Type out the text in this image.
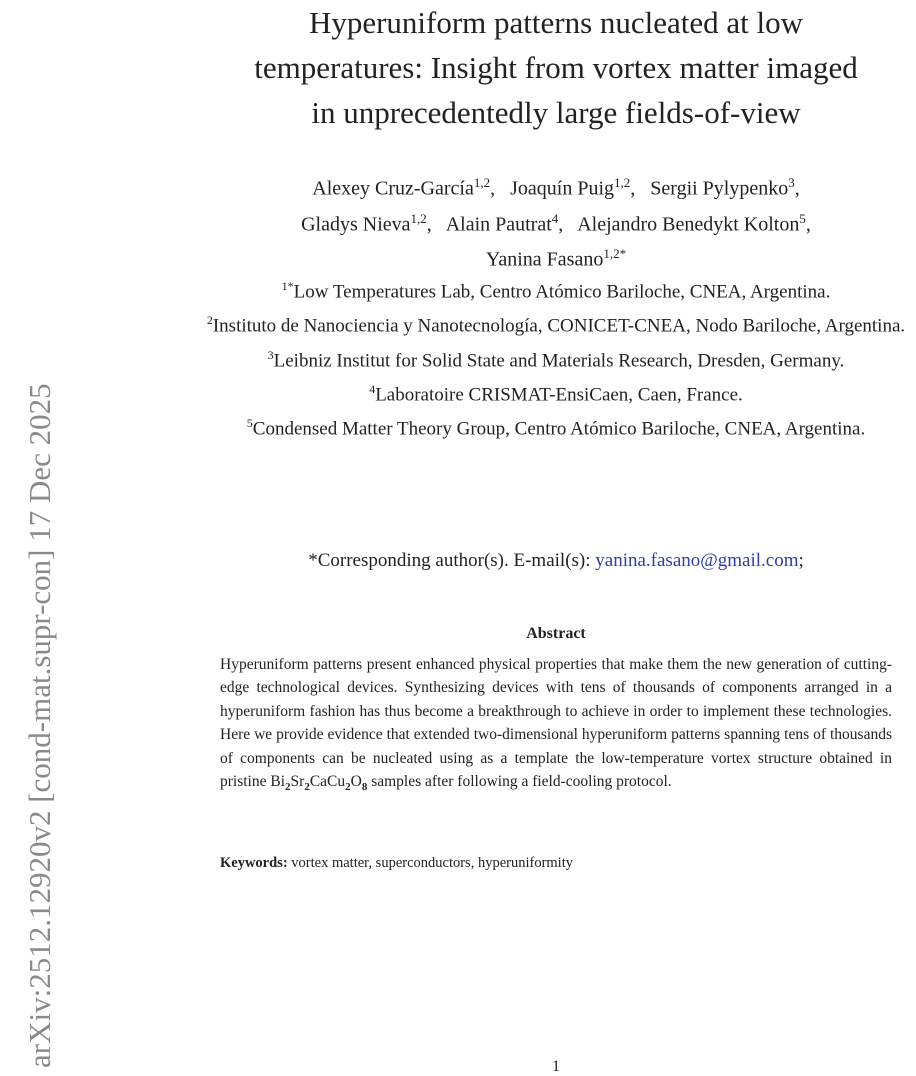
arXiv:2512.12920v2 [cond-mat.supr-con] 17 Dec 2025
Hyperuniform patterns nucleated at low
temperatures: Insight from vortex matter imaged
in unprecedentedly large fields-of-view
Alexey Cruz-García$^{1,2}$,   Joaquín Puig$^{1,2}$,   Sergii Pylypenko$^3$,
Gladys Nieva$^{1,2}$,   Alain Pautrat$^4$,   Alejandro Benedykt Kolton$^5$,
Yanina Fasano$^{1,2*}$
$^{1*}$Low Temperatures Lab, Centro Atómico Bariloche, CNEA, Argentina.
$^2$Instituto de Nanociencia y Nanotecnología, CONICET-CNEA, Nodo Bariloche, Argentina.
$^3$Leibniz Institut for Solid State and Materials Research, Dresden, Germany.
$^4$Laboratoire CRISMAT-EnsiCaen, Caen, France.
$^5$Condensed Matter Theory Group, Centro Atómico Bariloche, CNEA, Argentina.
*Corresponding author(s). E-mail(s): yanina.fasano@gmail.com;
Abstract
Hyperuniform patterns present enhanced physical properties that make them the new generation of cutting-edge technological devices. Synthesizing devices with tens of thousands of components arranged in a hyperuniform fashion has thus become a breakthrough to achieve in order to implement these technologies. Here we provide evidence that extended two-dimensional hyperuniform patterns spanning tens of thousands of components can be nucleated using as a template the low-temperature vortex structure obtained in pristine $Bi_2Sr_2CaCu_2O_8$ samples after following a field-cooling protocol.
Keywords: vortex matter, superconductors, hyperuniformity
1
